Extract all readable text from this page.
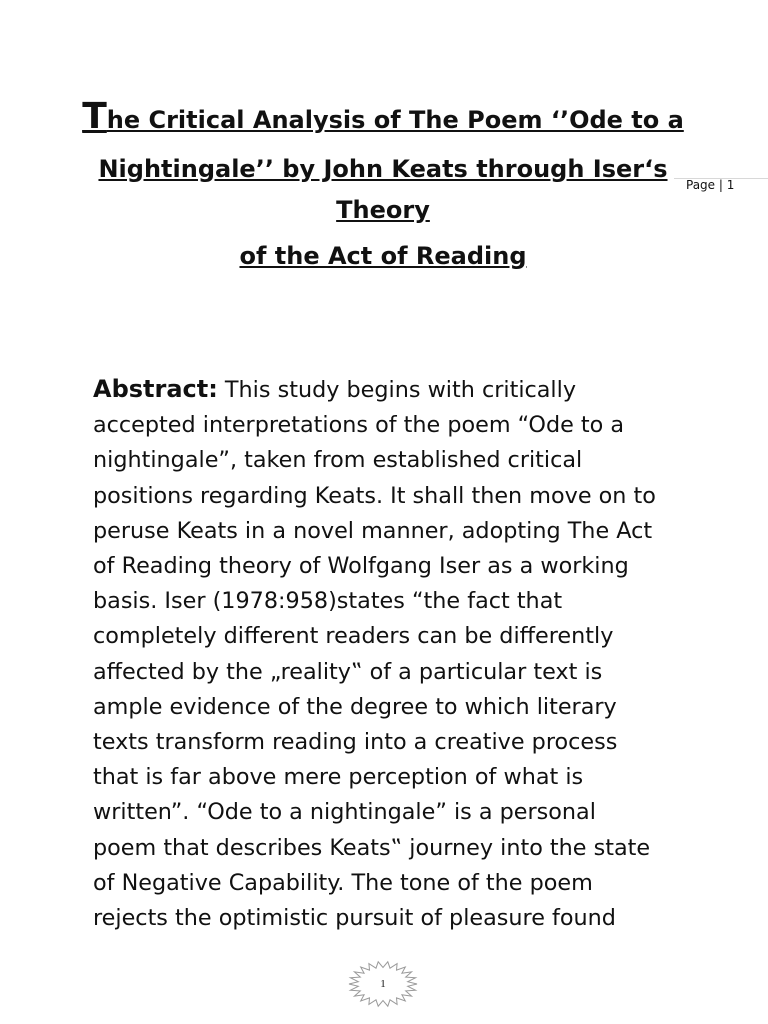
The Critical Analysis of The Poem ‘’Ode to a
Nightingale’’ by John Keats through Iser‘s
Theory
of the Act of Reading
Page | 1
Abstract: This study begins with critically
accepted interpretations of the poem “Ode to a
nightingale”, taken from established critical
positions regarding Keats. It shall then move on to
peruse Keats in a novel manner, adopting The Act
of Reading theory of Wolfgang Iser as a working
basis. Iser (1978:958)states “the fact that
completely different readers can be differently
affected by the „reality‟ of a particular text is
ample evidence of the degree to which literary
texts transform reading into a creative process
that is far above mere perception of what is
written”. “Ode to a nightingale” is a personal
poem that describes Keats‟ journey into the state
of Negative Capability. The tone of the poem
rejects the optimistic pursuit of pleasure found
1
